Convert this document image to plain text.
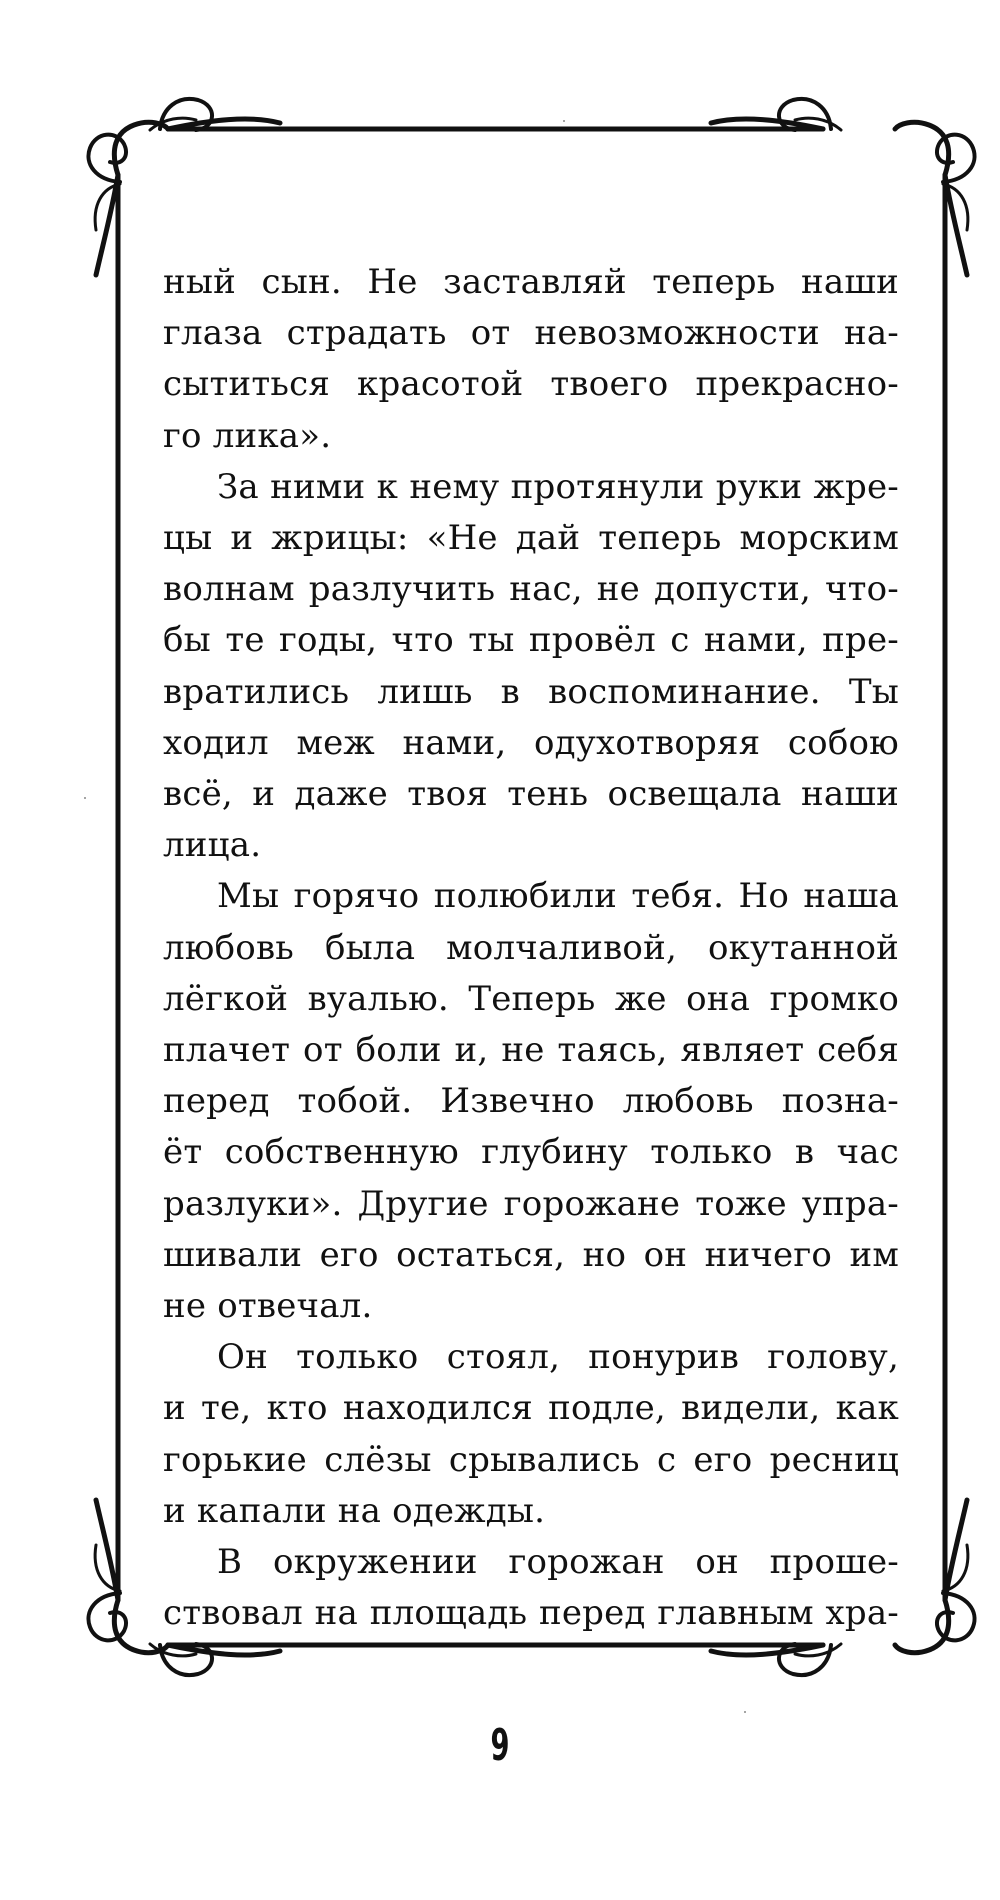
ный сын. Не заставляй теперь наши
глаза страдать от невозможности на-
сытиться красотой твоего прекрасно-
го лика».

За ними к нему протянули руки жре-
цы и жрицы: «Не дай теперь морским
волнам разлучить нас, не допусти, что-
бы те годы, что ты провёл с нами, пре-
вратились лишь в воспоминание. Ты
ходил меж нами, одухотворяя собою
всё, и даже твоя тень освещала наши
лица.

Мы горячо полюбили тебя. Но наша
любовь была молчаливой, окутанной
лёгкой вуалью. Теперь же она громко
плачет от боли и, не таясь, являет себя
перед тобой. Извечно любовь позна-
ёт собственную глубину только в час
разлуки». Другие горожане тоже упра-
шивали его остаться, но он ничего им
не отвечал.

Он только стоял, понурив голову,
и те, кто находился подле, видели, как
горькие слёзы срывались с его ресниц
и капали на одежды.

В окружении горожан он проше-
ствовал на площадь перед главным хра-

9
